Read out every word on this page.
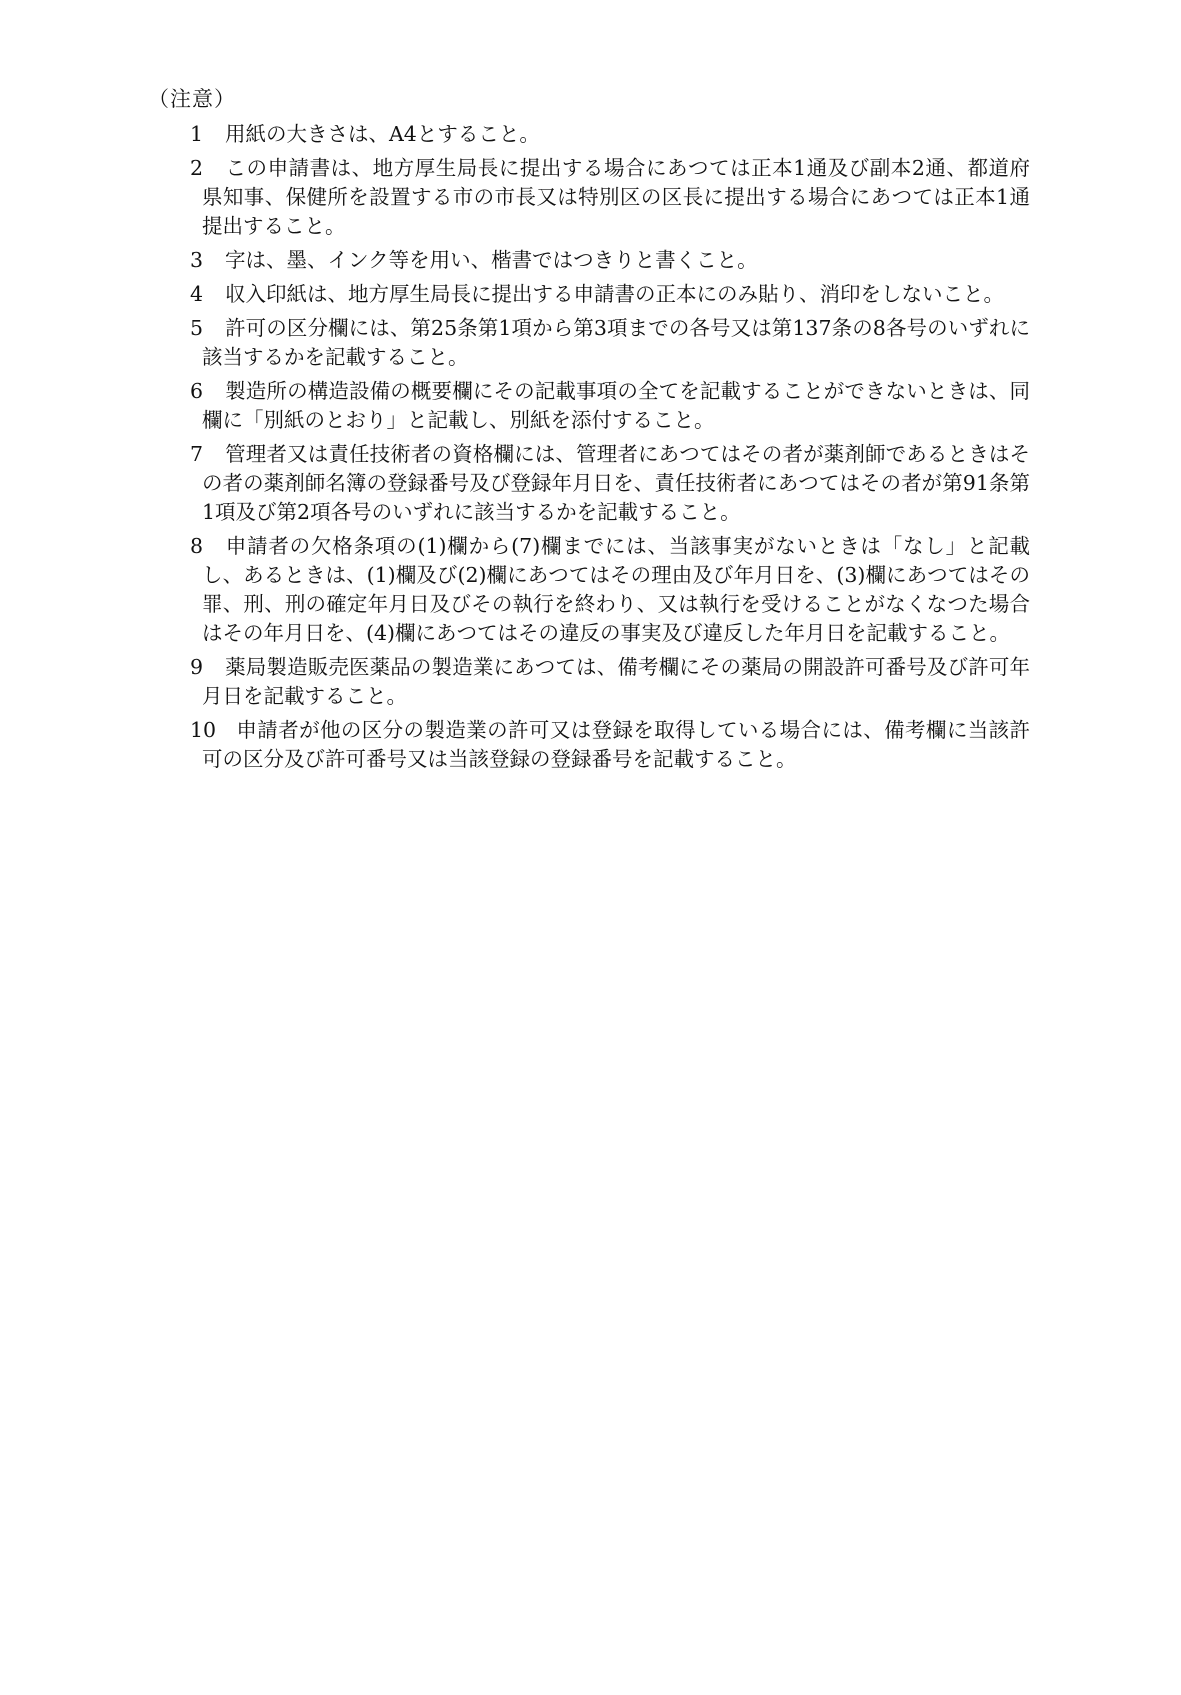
（注意）
1 用紙の大きさは、A4とすること。
2 この申請書は、地方厚生局長に提出する場合にあつては正本1通及び副本2通、都道府県知事、保健所を設置する市の市長又は特別区の区長に提出する場合にあつては正本1通提出すること。
3 字は、墨、インク等を用い、楷書ではつきりと書くこと。
4 収入印紙は、地方厚生局長に提出する申請書の正本にのみ貼り、消印をしないこと。
5 許可の区分欄には、第25条第1項から第3項までの各号又は第137条の8各号のいずれに該当するかを記載すること。
6 製造所の構造設備の概要欄にその記載事項の全てを記載することができないときは、同欄に「別紙のとおり」と記載し、別紙を添付すること。
7 管理者又は責任技術者の資格欄には、管理者にあつてはその者が薬剤師であるときはその者の薬剤師名簿の登録番号及び登録年月日を、責任技術者にあつてはその者が第91条第1項及び第2項各号のいずれに該当するかを記載すること。
8 申請者の欠格条項の(1)欄から(7)欄までには、当該事実がないときは「なし」と記載し、あるときは、(1)欄及び(2)欄にあつてはその理由及び年月日を、(3)欄にあつてはその罪、刑、刑の確定年月日及びその執行を終わり、又は執行を受けることがなくなつた場合はその年月日を、(4)欄にあつてはその違反の事実及び違反した年月日を記載すること。
9 薬局製造販売医薬品の製造業にあつては、備考欄にその薬局の開設許可番号及び許可年月日を記載すること。
10 申請者が他の区分の製造業の許可又は登録を取得している場合には、備考欄に当該許可の区分及び許可番号又は当該登録の登録番号を記載すること。
